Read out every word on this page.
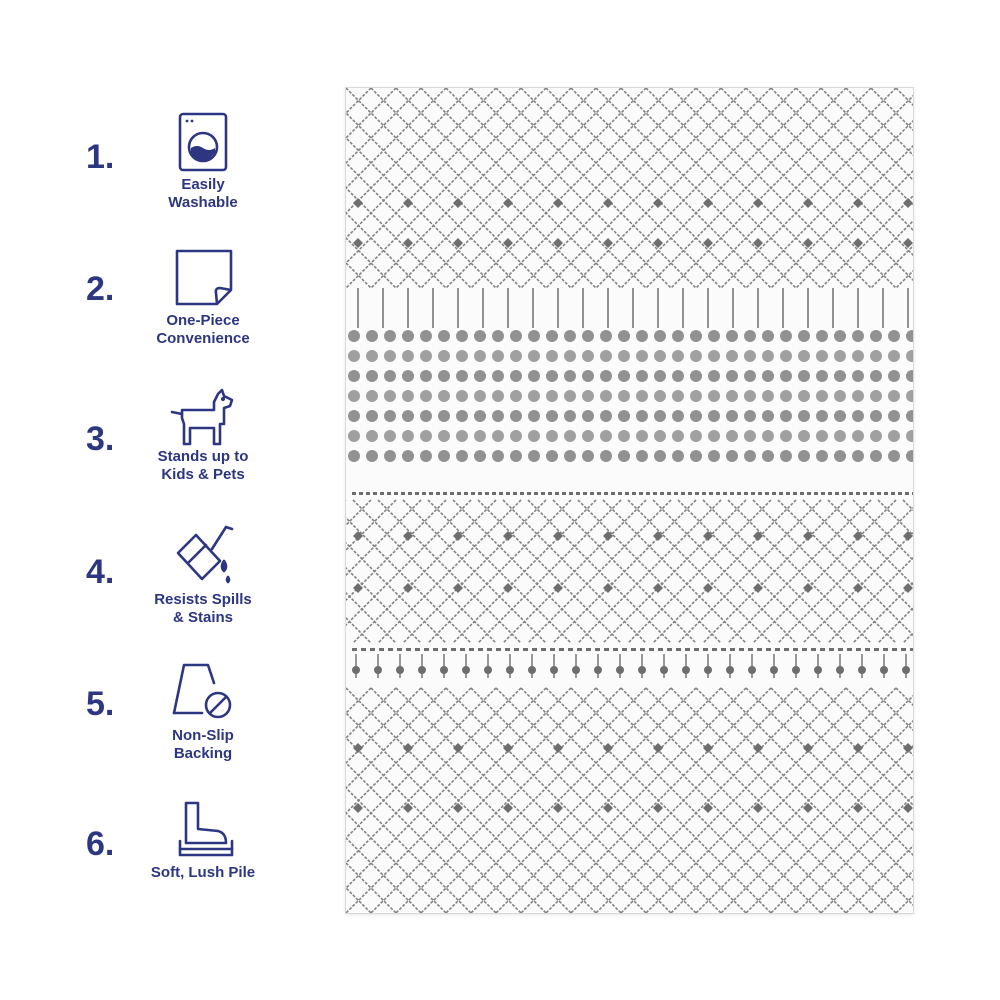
1.
Easily
Washable
2.
One-Piece
Convenience
3.	Stands up to
Kids & Pets
4.
Resists Spills
& Stains
5.
Non-Slip
Backing
6.
Soft, Lush Pile
